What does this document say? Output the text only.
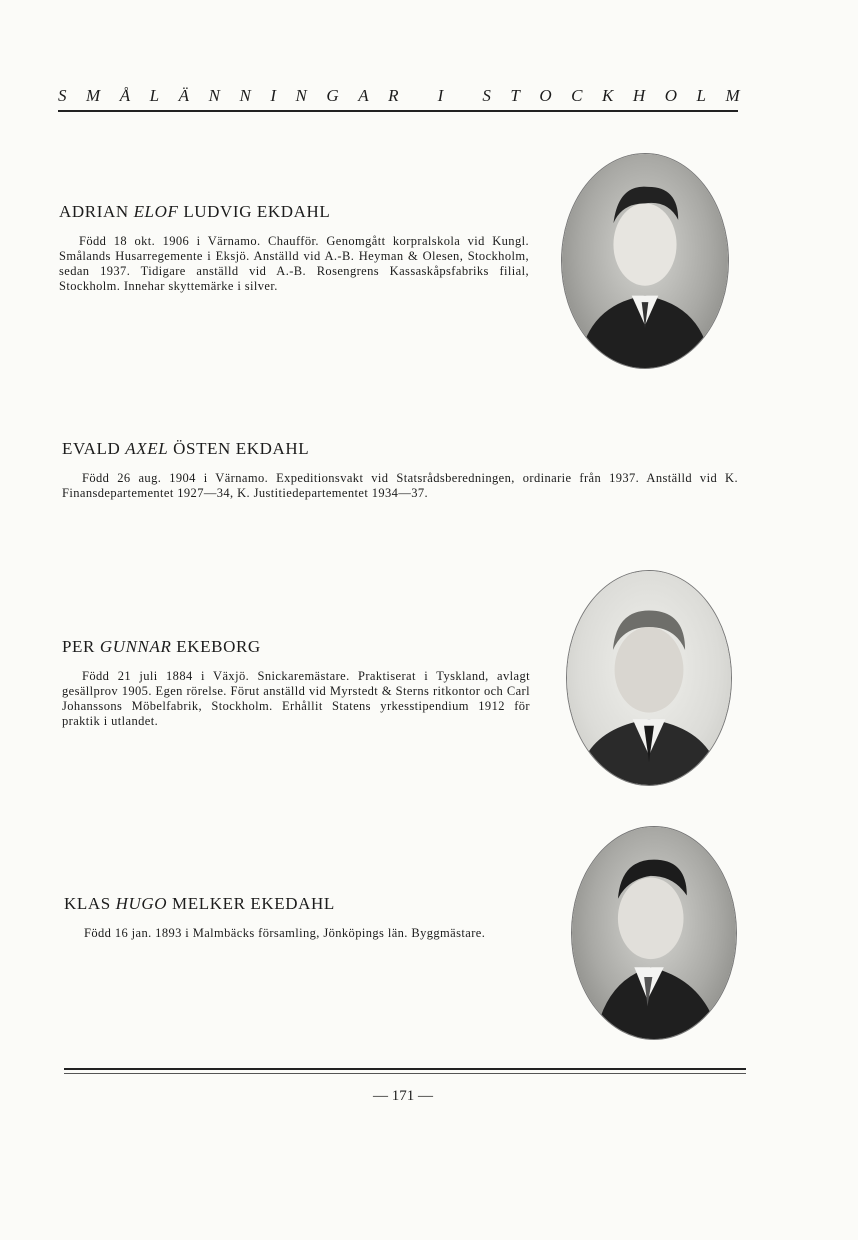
S M Å L Ä N N I N G A R I S T O C K H O L M
ADRIAN ELOF LUDVIG EKDAHL

Född 18 okt. 1906 i Värnamo. Chaufför. Genomgått korpralskola vid Kungl. Smålands Husarregemente i Eksjö. Anställd vid A.-B. Heyman & Olesen, Stockholm, sedan 1937. Tidigare anställd vid A.-B. Rosengrens Kassaskåpsfabriks filial, Stockholm. Innehar skyttemärke i silver.

EVALD AXEL ÖSTEN EKDAHL

Född 26 aug. 1904 i Värnamo. Expeditionsvakt vid Statsrådsberedningen, ordinarie från 1937. Anställd vid K. Finansdepartementet 1927—34, K. Justitiedepartementet 1934—37.

PER GUNNAR EKEBORG

Född 21 juli 1884 i Växjö. Snickaremästare. Praktiserat i Tyskland, avlagt gesällprov 1905. Egen rörelse. Förut anställd vid Myrstedt & Sterns ritkontor och Carl Johanssons Möbelfabrik, Stockholm. Erhållit Statens yrkesstipendium 1912 för praktik i utlandet.

KLAS HUGO MELKER EKEDAHL

Född 16 jan. 1893 i Malmbäcks församling, Jönköpings län. Byggmästare.

— 171 —
